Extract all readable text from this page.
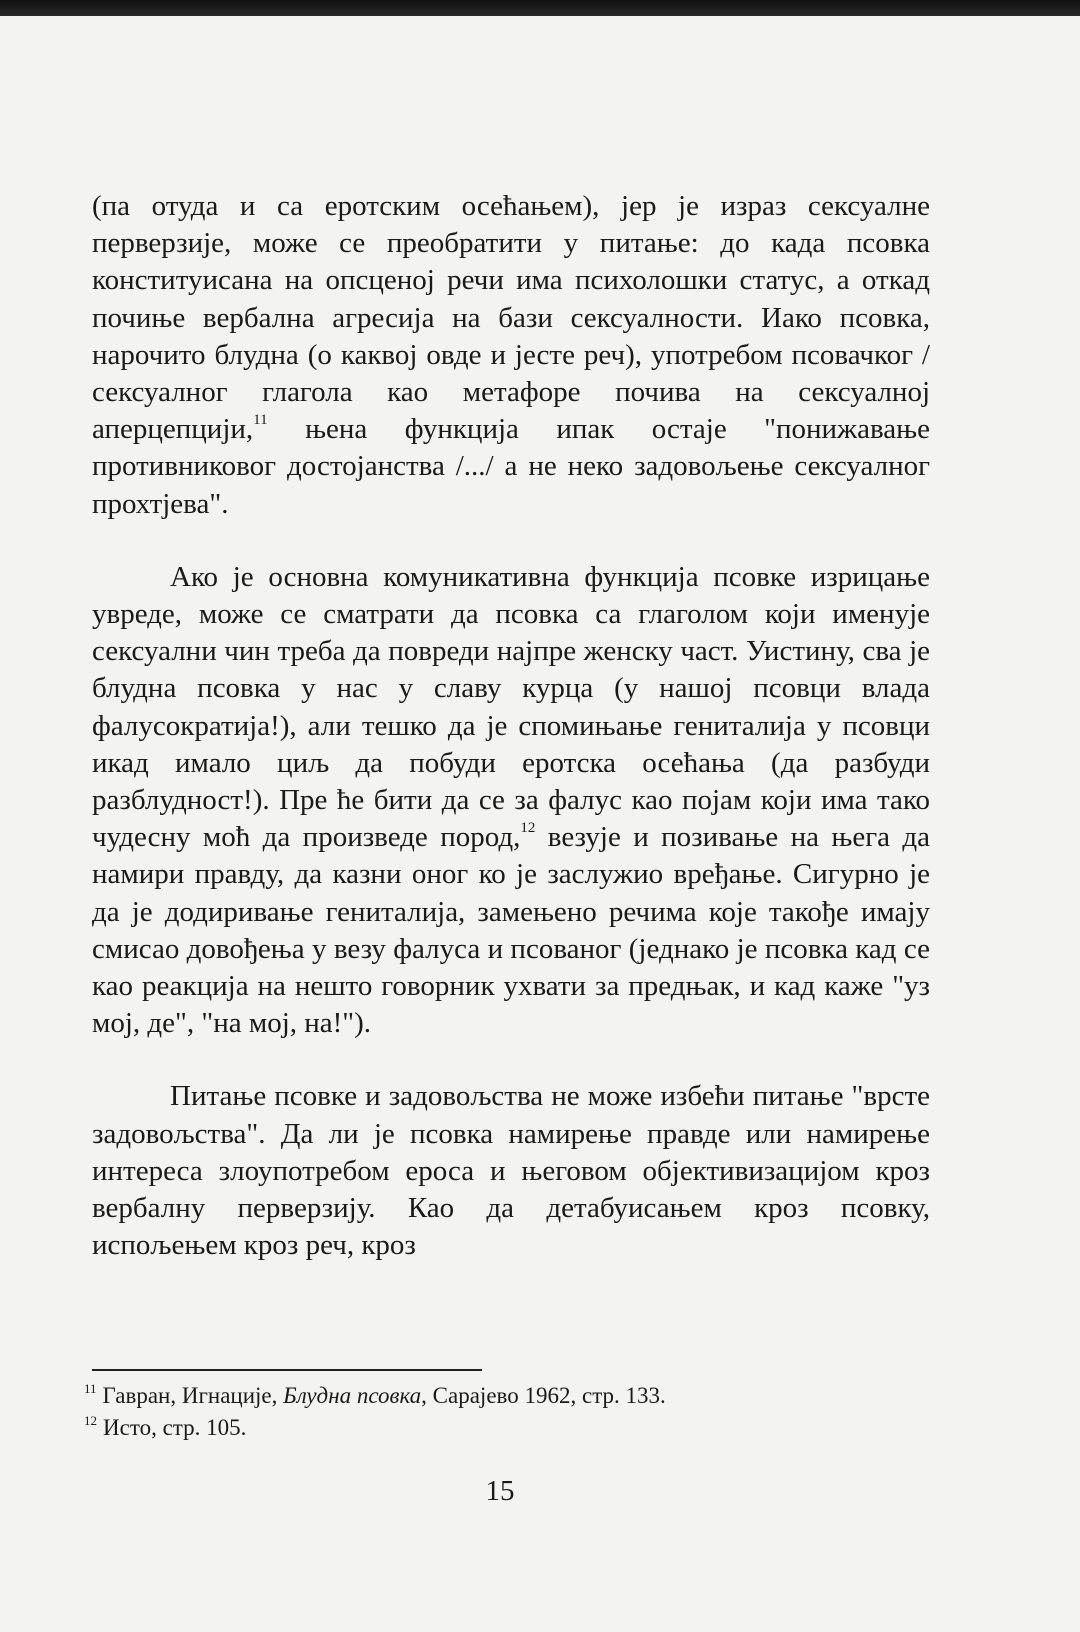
(па отуда и са еротским осећањем), јер је израз сексуалне перверзије, може се преобратити у питање: до када псовка конституисана на опсценој речи има психолошки статус, а откад почиње вербална агресија на бази сексуалности. Иако псовка, нарочито блудна (о каквој овде и јесте реч), употребом псовачког / сексуалног глагола као метафоре почива на сексуалној аперцепцији,$^{11}$ њена функција ипак остаје "понижавање противниковог достојанства /.../ а не неко задовољење сексуалног прохтјева".

Ако је основна комуникативна функција псовке изрицање увреде, може се сматрати да псовка са глаголом који именује сексуални чин треба да повреди најпре женску част. Уистину, сва је блудна псовка у нас у славу курца (у нашој псовци влада фалусократија!), али тешко да је спомињање гениталија у псовци икад имало циљ да побуди еротска осећања (да разбуди разблудност!). Пре ће бити да се за фалус као појам који има тако чудесну моћ да произведе пород,$^{12}$ везује и позивање на њега да намири правду, да казни оног ко је заслужио вређање. Сигурно је да је додиривање гениталија, замењено речима које такође имају смисао довођења у везу фалуса и псованог (једнако је псовка кад се као реакција на нешто говорник ухвати за предњак, и кад каже "уз мој, де", "на мој, на!").

Питање псовке и задовољства не може избећи питање "врсте задовољства". Да ли је псовка намирење правде или намирење интереса злоупотребом ероса и његовом објективизацијом кроз вербалну перверзију. Као да детабуисањем кроз псовку, испољењем кроз реч, кроз

$^{11}$ Гавран, Игнације, Блудна псовка, Сарајево 1962, стр. 133.

$^{12}$ Исто, стр. 105.

15
